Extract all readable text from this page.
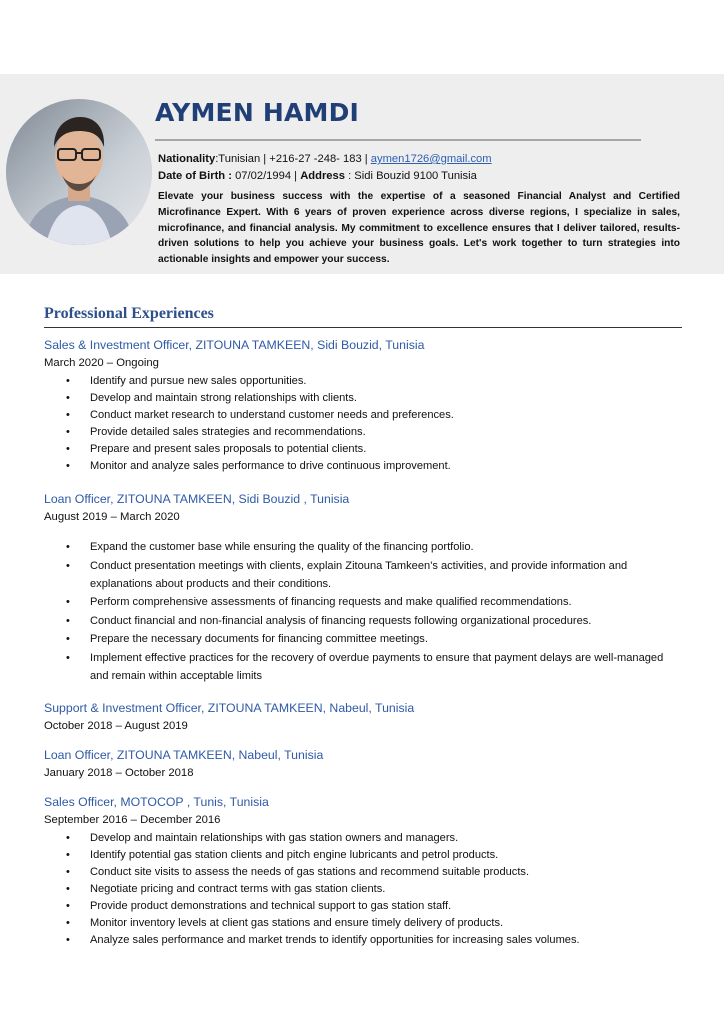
AYMEN HAMDI
Nationality:Tunisian | +216-27 -248- 183 | aymen1726@gmail.com
Date of Birth : 07/02/1994 | Address : Sidi Bouzid 9100 Tunisia
Elevate your business success with the expertise of a seasoned Financial Analyst and Certified Microfinance Expert. With 6 years of proven experience across diverse regions, I specialize in sales, microfinance, and financial analysis. My commitment to excellence ensures that I deliver tailored, results-driven solutions to help you achieve your business goals. Let's work together to turn strategies into actionable insights and empower your success.
Professional Experiences
Sales & Investment Officer, ZITOUNA TAMKEEN, Sidi Bouzid, Tunisia
March 2020 – Ongoing
• Identify and pursue new sales opportunities.
• Develop and maintain strong relationships with clients.
• Conduct market research to understand customer needs and preferences.
• Provide detailed sales strategies and recommendations.
• Prepare and present sales proposals to potential clients.
• Monitor and analyze sales performance to drive continuous improvement.
Loan Officer, ZITOUNA TAMKEEN, Sidi Bouzid , Tunisia
August 2019 – March 2020
• Expand the customer base while ensuring the quality of the financing portfolio.
• Conduct presentation meetings with clients, explain Zitouna Tamkeen's activities, and provide information and explanations about products and their conditions.
• Perform comprehensive assessments of financing requests and make qualified recommendations.
• Conduct financial and non-financial analysis of financing requests following organizational procedures.
• Prepare the necessary documents for financing committee meetings.
• Implement effective practices for the recovery of overdue payments to ensure that payment delays are well-managed and remain within acceptable limits
Support & Investment Officer, ZITOUNA TAMKEEN, Nabeul, Tunisia
October 2018 – August 2019
Loan Officer, ZITOUNA TAMKEEN, Nabeul, Tunisia
January 2018 – October 2018
Sales Officer, MOTOCOP , Tunis, Tunisia
September 2016 – December 2016
• Develop and maintain relationships with gas station owners and managers.
• Identify potential gas station clients and pitch engine lubricants and petrol products.
• Conduct site visits to assess the needs of gas stations and recommend suitable products.
• Negotiate pricing and contract terms with gas station clients.
• Provide product demonstrations and technical support to gas station staff.
• Monitor inventory levels at client gas stations and ensure timely delivery of products.
• Analyze sales performance and market trends to identify opportunities for increasing sales volumes.
